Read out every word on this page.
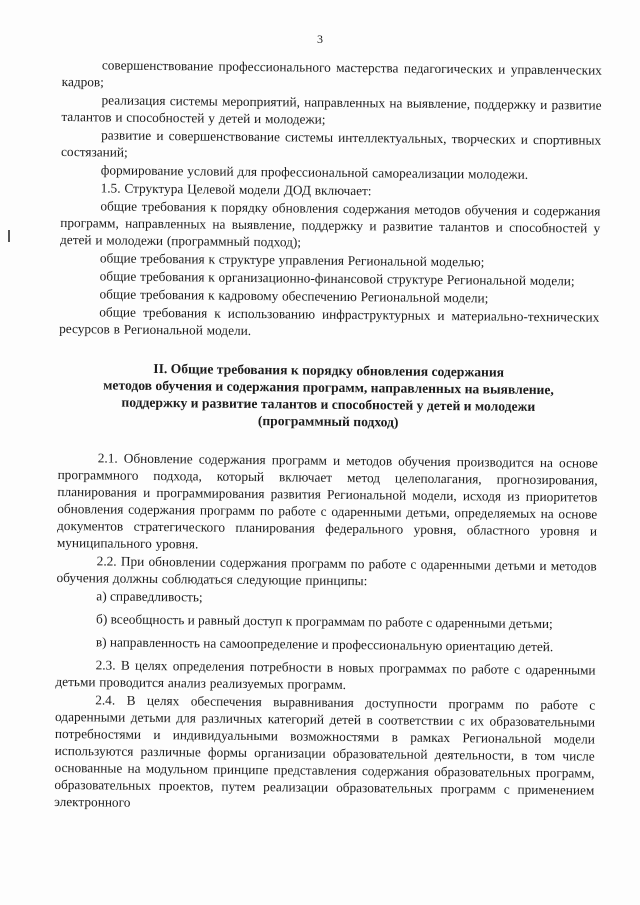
3

совершенствование профессионального мастерства педагогических и управленческих кадров;

реализация системы мероприятий, направленных на выявление, поддержку и развитие талантов и способностей у детей и молодежи;

развитие и совершенствование системы интеллектуальных, творческих и спортивных состязаний;

формирование условий для профессиональной самореализации молодежи.

1.5. Структура Целевой модели ДОД включает:

общие требования к порядку обновления содержания методов обучения и содержания программ, направленных на выявление, поддержку и развитие талантов и способностей у детей и молодежи (программный подход);

общие требования к структуре управления Региональной моделью;

общие требования к организационно-финансовой структуре Региональной модели;

общие требования к кадровому обеспечению Региональной модели;

общие требования к использованию инфраструктурных и материально-технических ресурсов в Региональной модели.

II. Общие требования к порядку обновления содержания
методов обучения и содержания программ, направленных на выявление,
поддержку и развитие талантов и способностей у детей и молодежи
(программный подход)

2.1. Обновление содержания программ и методов обучения производится на основе программного подхода, который включает метод целеполагания, прогнозирования, планирования и программирования развития Региональной модели, исходя из приоритетов обновления содержания программ по работе с одаренными детьми, определяемых на основе документов стратегического планирования федерального уровня, областного уровня и муниципального уровня.

2.2. При обновлении содержания программ по работе с одаренными детьми и методов обучения должны соблюдаться следующие принципы:

а) справедливость;

б) всеобщность и равный доступ к программам по работе с одаренными детьми;

в) направленность на самоопределение и профессиональную ориентацию детей.

2.3. В целях определения потребности в новых программах по работе с одаренными детьми проводится анализ реализуемых программ.

2.4. В целях обеспечения выравнивания доступности программ по работе с одаренными детьми для различных категорий детей в соответствии с их образовательными потребностями и индивидуальными возможностями в рамках Региональной модели используются различные формы организации образовательной деятельности, в том числе основанные на модульном принципе представления содержания образовательных программ, образовательных проектов, путем реализации образовательных программ с применением электронного
